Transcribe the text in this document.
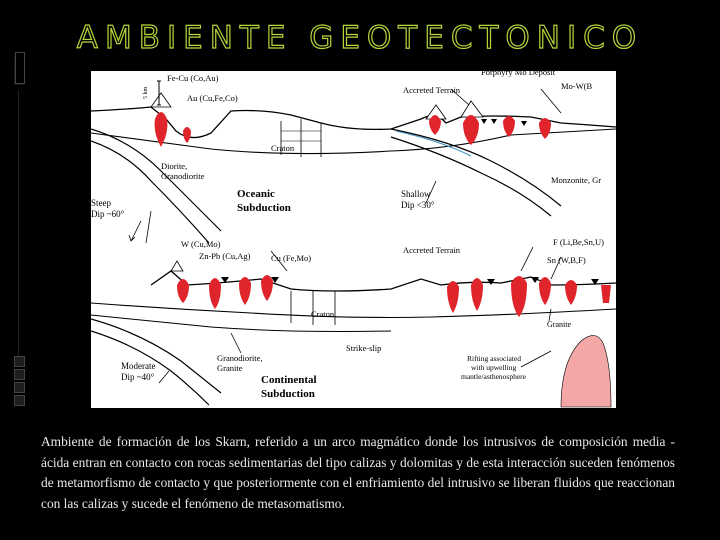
AMBIENTE GEOTECTONICO
Fe-Cu (Co,Au)
Au (Cu,Fe,Co)
Porphyry Mo Deposit
Accreted Terrain	Mo-W(B
Craton
Diorite,
Granodiorite
Oceanic
Subduction
Steep
Dip ~60°
Shallow
Dip <30°
Monzonite, Gr
5 km
W (Cu,Mo)
Zn-Pb (Cu,Ag) Cu (Fe,Mo)
Accreted Terrain
F (Li,Be,Sn,U)
Sn (W,B,F)
Craton
Granite
Strike-slip
Granodiorite,
Granite
Moderate
Dip ~40°	Continental
Subduction
Rifting associated
with upwelling
mantle/asthenosphere
Ambiente de formación de los Skarn, referido a un arco magmático donde los intrusivos de composición media - ácida entran en contacto con rocas sedimentarias del tipo calizas y dolomitas y de esta interacción suceden fenómenos de metamorfismo de contacto y que posteriormente con el enfriamiento del intrusivo se liberan fluidos que reaccionan con las calizas y sucede el fenómeno de metasomatismo.
